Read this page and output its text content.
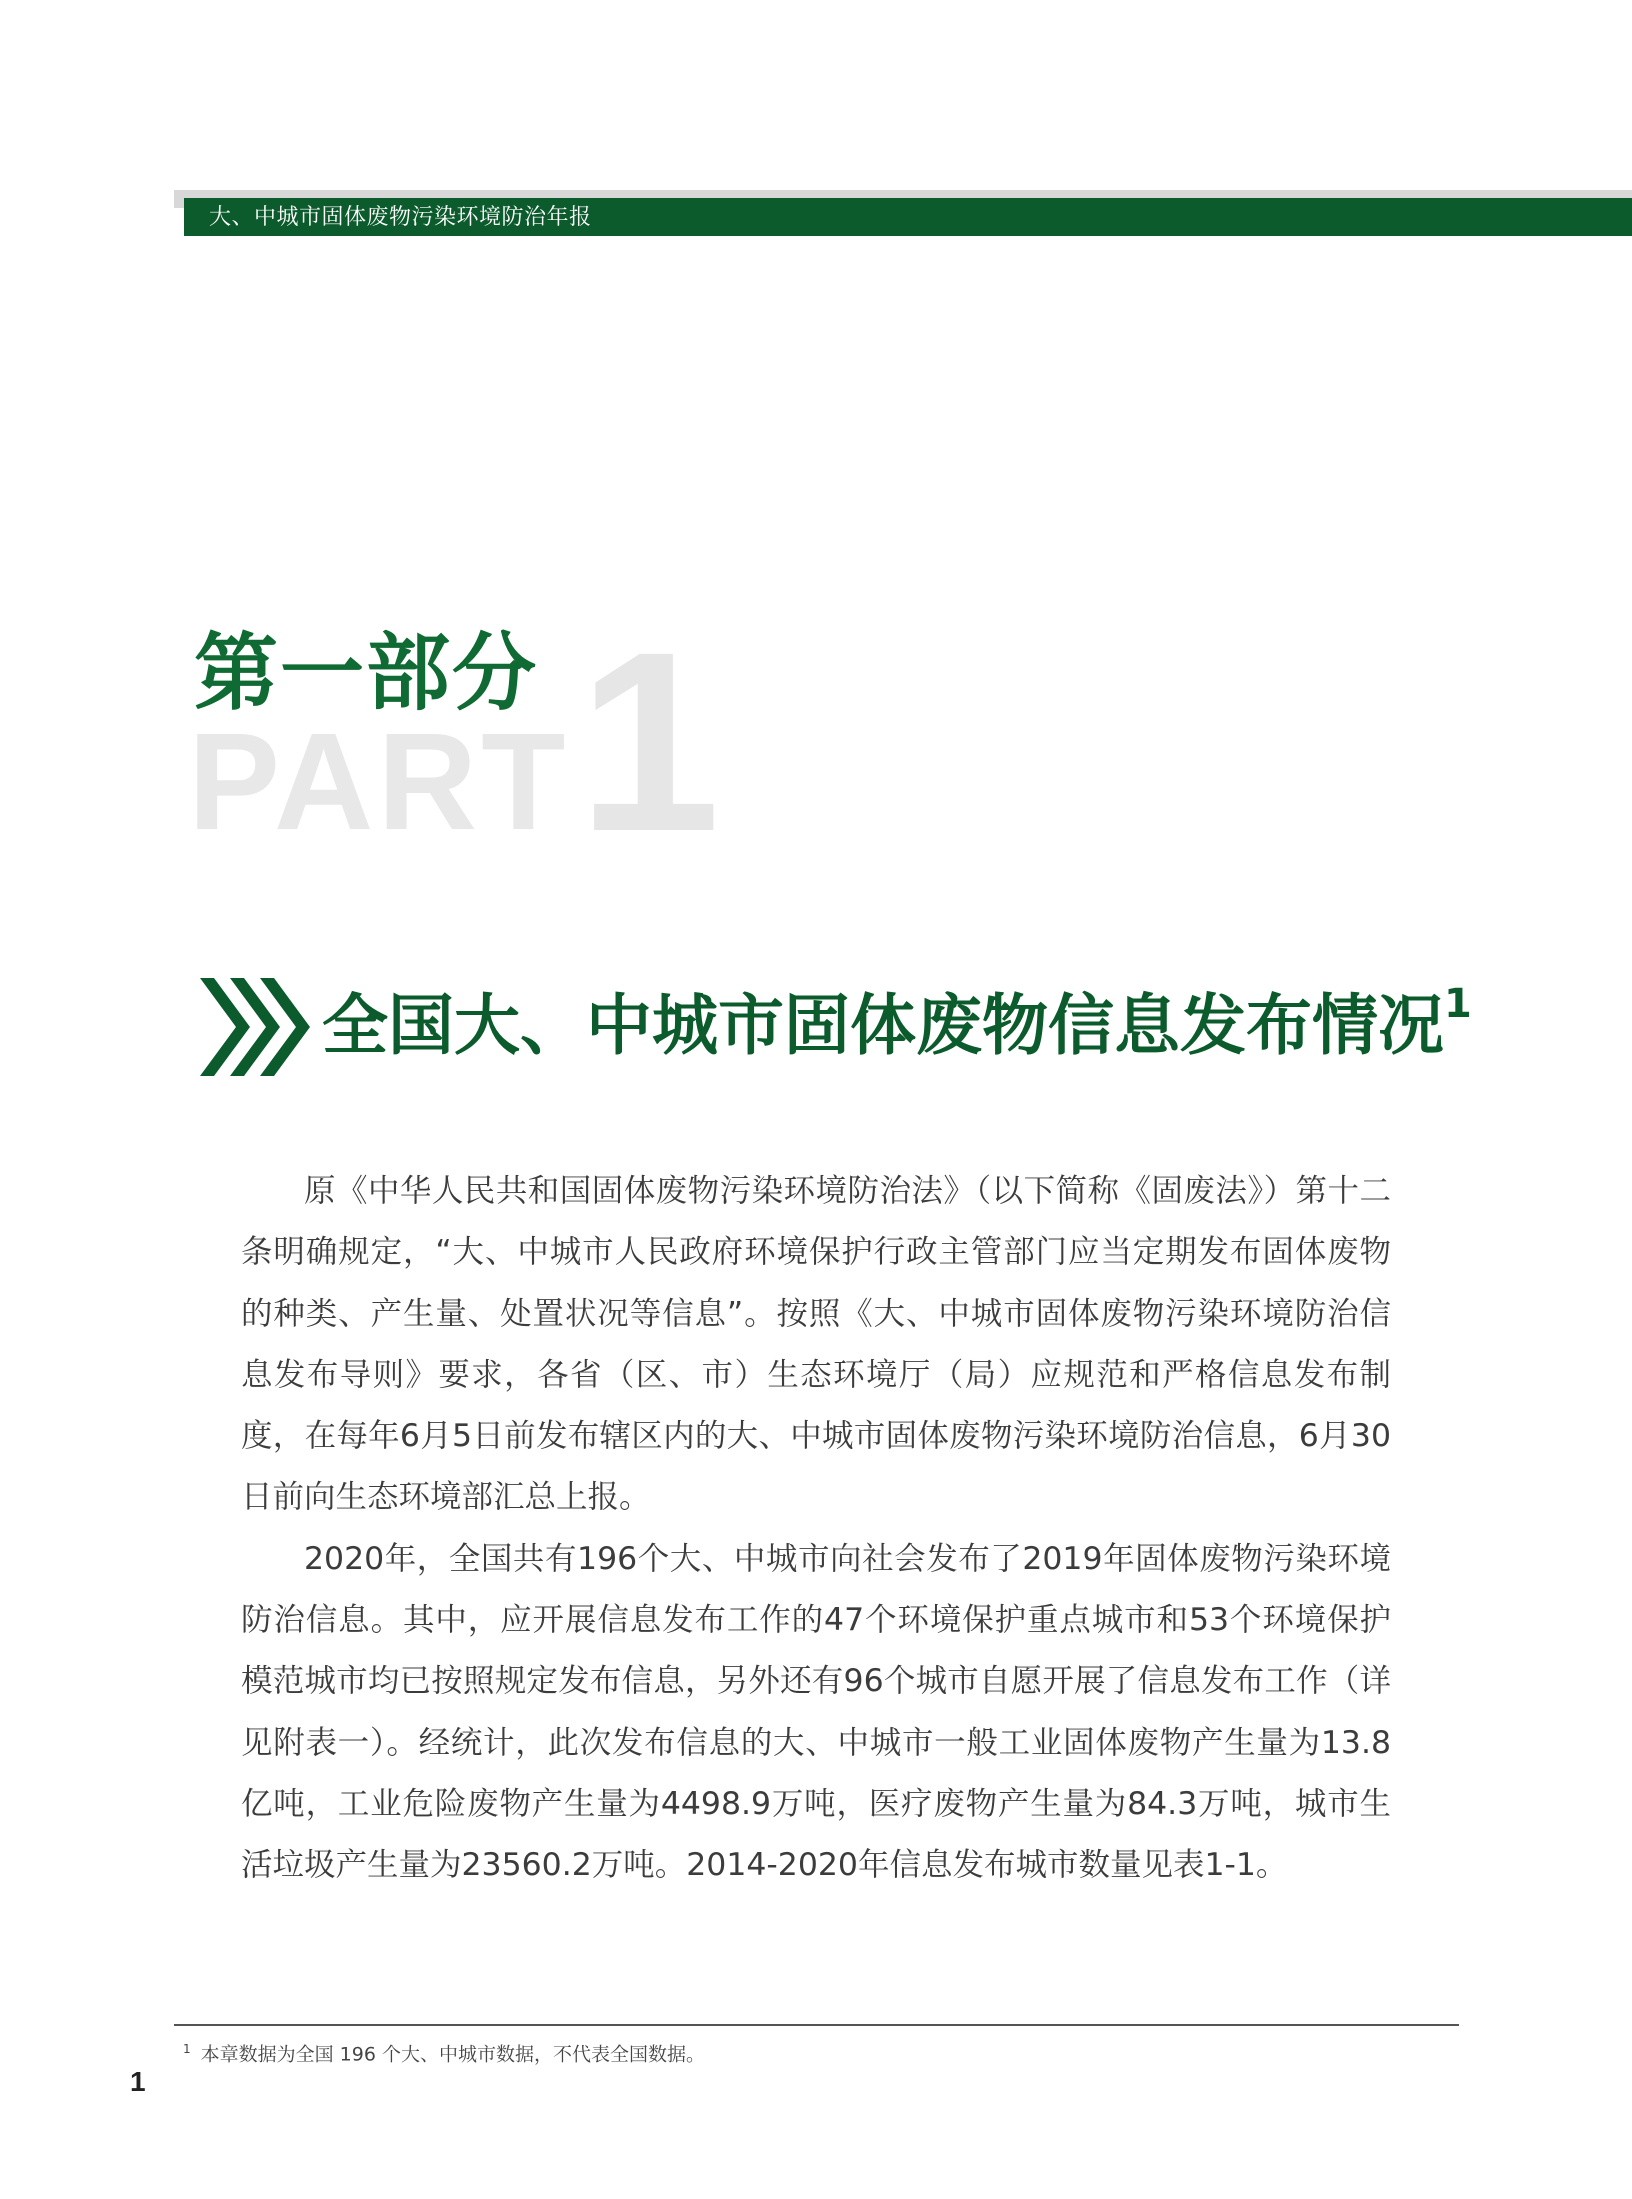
大、中城市固体废物污染环境防治年报
PART 1
第一部分
全国大、中城市固体废物信息发布情况$^1$

原《中华人民共和国固体废物污染环境防治法》（以下简称《固废法》）第十二条明确规定，“大、中城市人民政府环境保护行政主管部门应当定期发布固体废物的种类、产生量、处置状况等信息”。按照《大、中城市固体废物污染环境防治信息发布导则》要求，各省（区、市）生态环境厅（局）应规范和严格信息发布制度，在每年6月5日前发布辖区内的大、中城市固体废物污染环境防治信息，6月30日前向生态环境部汇总上报。

2020年，全国共有196个大、中城市向社会发布了2019年固体废物污染环境防治信息。其中，应开展信息发布工作的47个环境保护重点城市和53个环境保护模范城市均已按照规定发布信息，另外还有96个城市自愿开展了信息发布工作（详见附表一）。经统计，此次发布信息的大、中城市一般工业固体废物产生量为13.8亿吨，工业危险废物产生量为4498.9万吨，医疗废物产生量为84.3万吨，城市生活垃圾产生量为23560.2万吨。2014-2020年信息发布城市数量见表1-1。

$^1$ 本章数据为全国 196 个大、中城市数据，不代表全国数据。
1
